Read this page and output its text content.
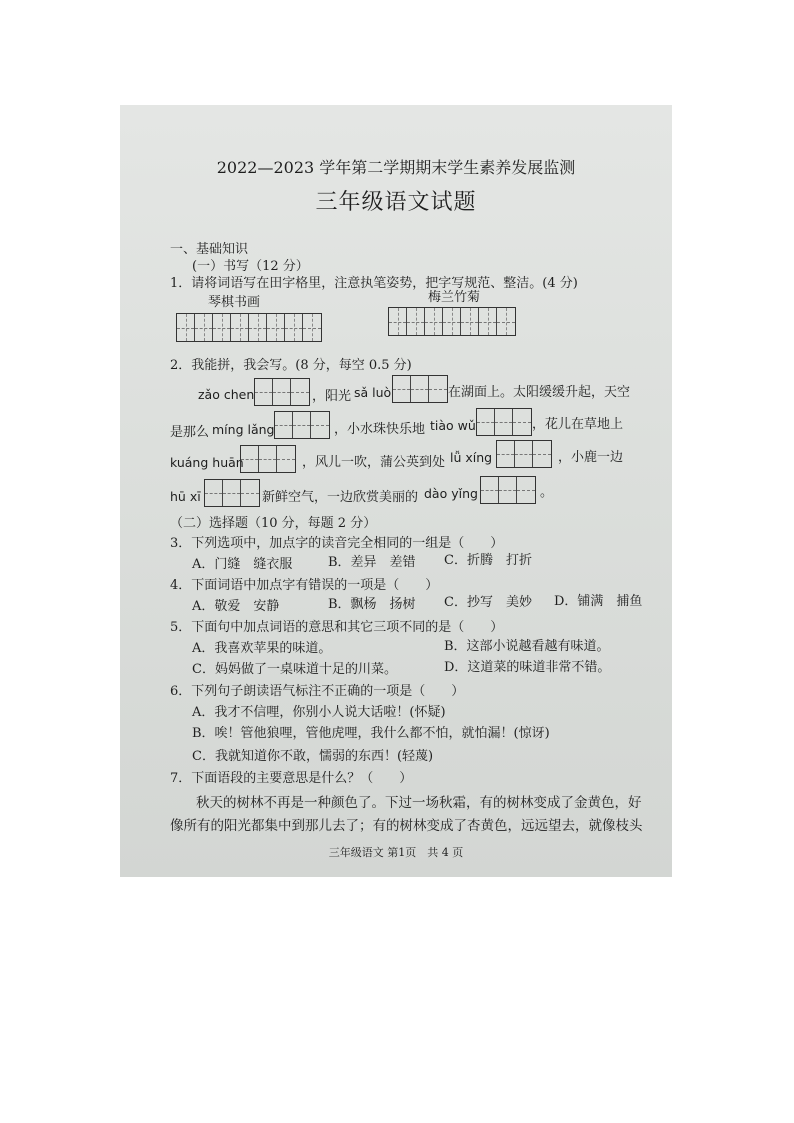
2022—2023 学年第二学期期末学生素养发展监测
三年级语文试题
一、基础知识
(一）书写（12 分）
1．请将词语写在田字格里，注意执笔姿势，把字写规范、整洁。(4 分)
琴棋书画	梅兰竹菊
2．我能拼，我会写。(8 分，每空 0.5 分)
zǎo chen	，阳光 sǎ luò	在湖面上。太阳缓缓升起，天空
是那么 míng lǎng	，小水珠快乐地 tiào wǔ	，花儿在草地上
kuáng huān	，风儿一吹，蒲公英到处 lǚ xíng	，小鹿一边
hū xī	新鲜空气，一边欣赏美丽的 dào yǐng	。
（二）选择题（10 分，每题 2 分）
3．下列选项中，加点字的读音完全相同的一组是（　　）
A．门缝　缝衣服	B．差异　差错 C．折腾　打折
4．下面词语中加点字有错误的一项是（　　）
A．敬爱　安静	B．飘杨　扬树 C．抄写　美妙 D．铺满　捕鱼
5．下面句中加点词语的意思和其它三项不同的是（　　）
A．我喜欢苹果的味道。	B．这部小说越看越有味道。
C．妈妈做了一桌味道十足的川菜。	D．这道菜的味道非常不错。
6．下列句子朗读语气标注不正确的一项是（　　）
A．我才不信哩，你别小人说大话啦！(怀疑)
B．唉！管他狼哩，管他虎哩，我什么都不怕，就怕漏！(惊讶)
C．我就知道你不敢，懦弱的东西！(轻蔑)
7．下面语段的主要意思是什么？（　　）
秋天的树林不再是一种颜色了。下过一场秋霜，有的树林变成了金黄色，好
像所有的阳光都集中到那儿去了；有的树林变成了杏黄色，远远望去，就像枝头
三年级语文 第1页　共 4 页
